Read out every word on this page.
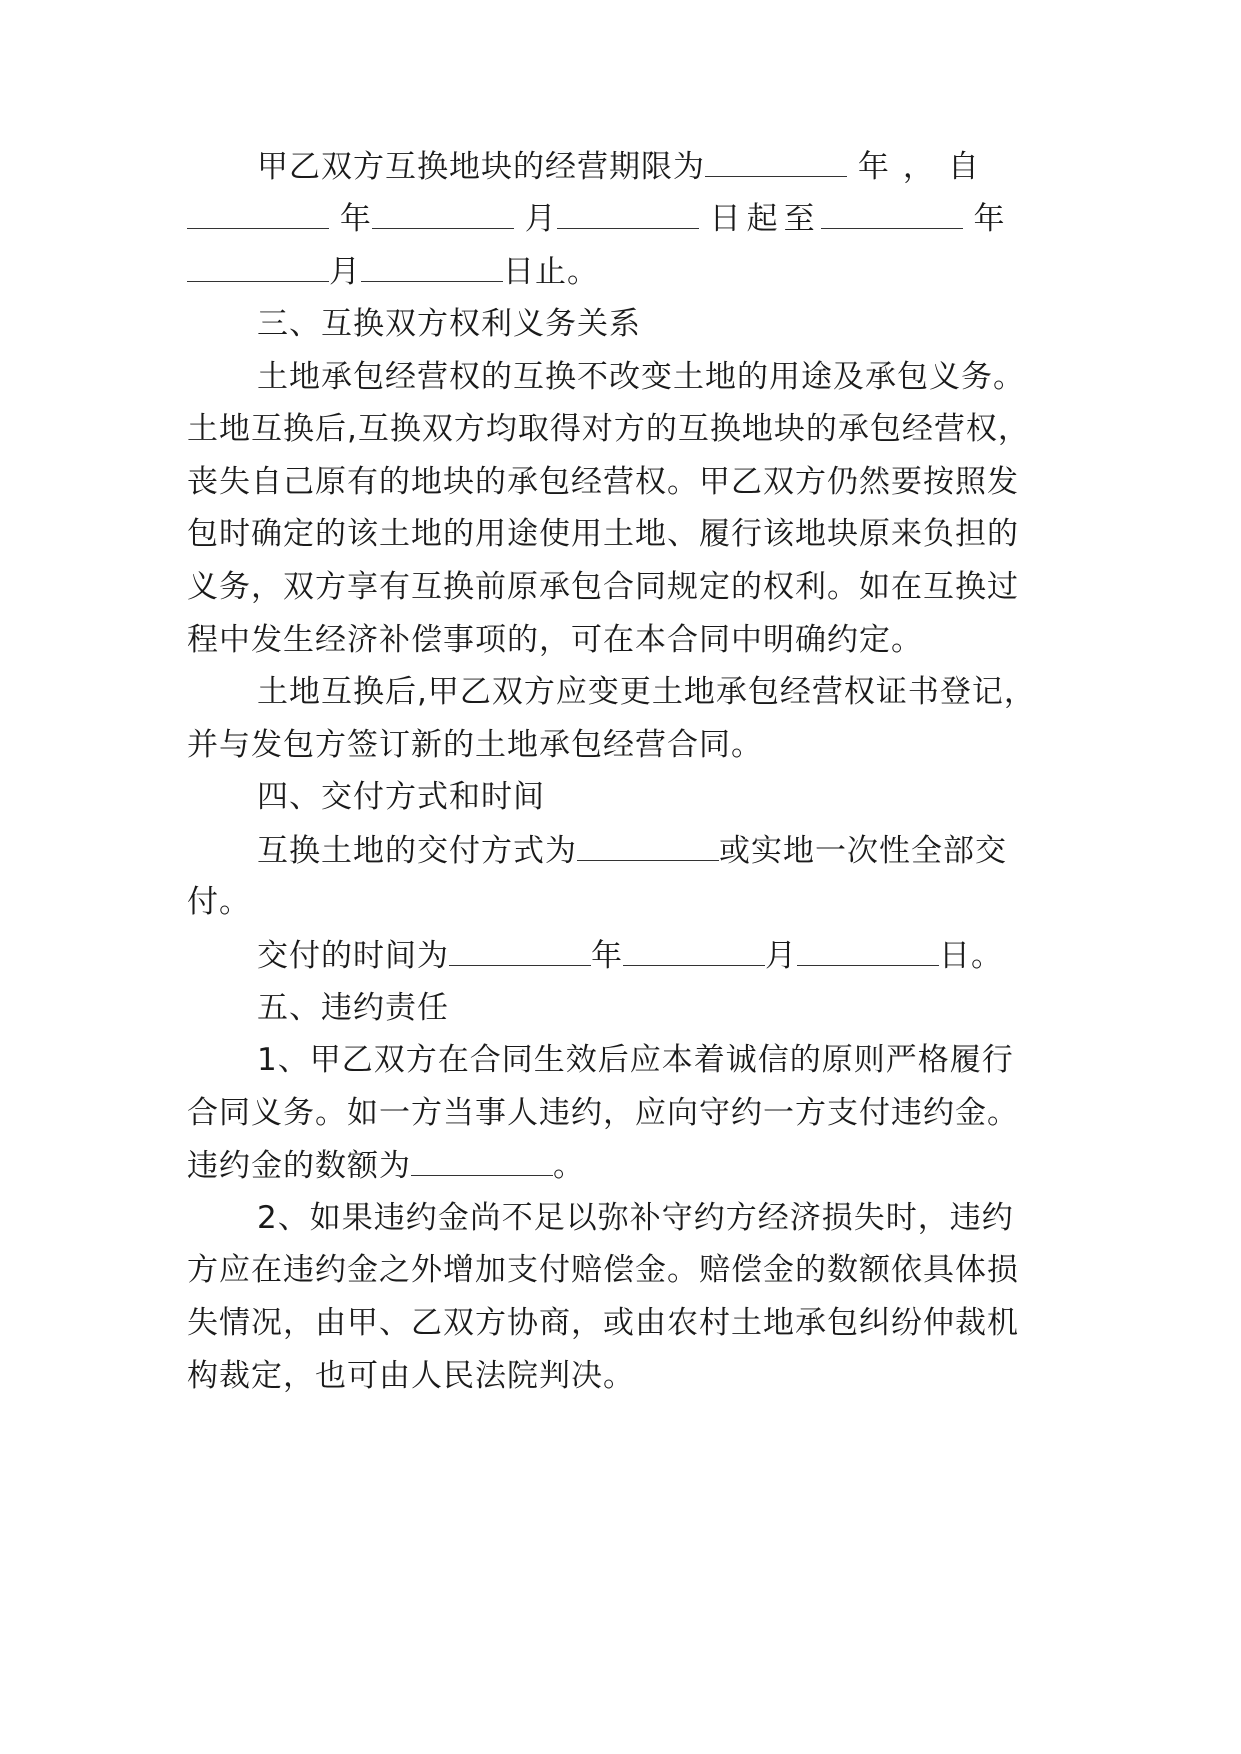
甲乙双方互换地块的经营期限为	年，自
年	月	日起至	年
月	日止。
三、互换双方权利义务关系
土地承包经营权的互换不改变土地的用途及承包义务。
土地互换后,互换双方均取得对方的互换地块的承包经营权，
丧失自己原有的地块的承包经营权。甲乙双方仍然要按照发
包时确定的该土地的用途使用土地、履行该地块原来负担的
义务，双方享有互换前原承包合同规定的权利。如在互换过
程中发生经济补偿事项的，可在本合同中明确约定。
土地互换后,甲乙双方应变更土地承包经营权证书登记，
并与发包方签订新的土地承包经营合同。
四、交付方式和时间
互换土地的交付方式为	或实地一次性全部交
付。
交付的时间为	年	月	日。
五、违约责任
1、甲乙双方在合同生效后应本着诚信的原则严格履行
合同义务。如一方当事人违约，应向守约一方支付违约金。
违约金的数额为	。
2、如果违约金尚不足以弥补守约方经济损失时，违约
方应在违约金之外增加支付赔偿金。赔偿金的数额依具体损
失情况，由甲、乙双方协商，或由农村土地承包纠纷仲裁机
构裁定，也可由人民法院判决。
